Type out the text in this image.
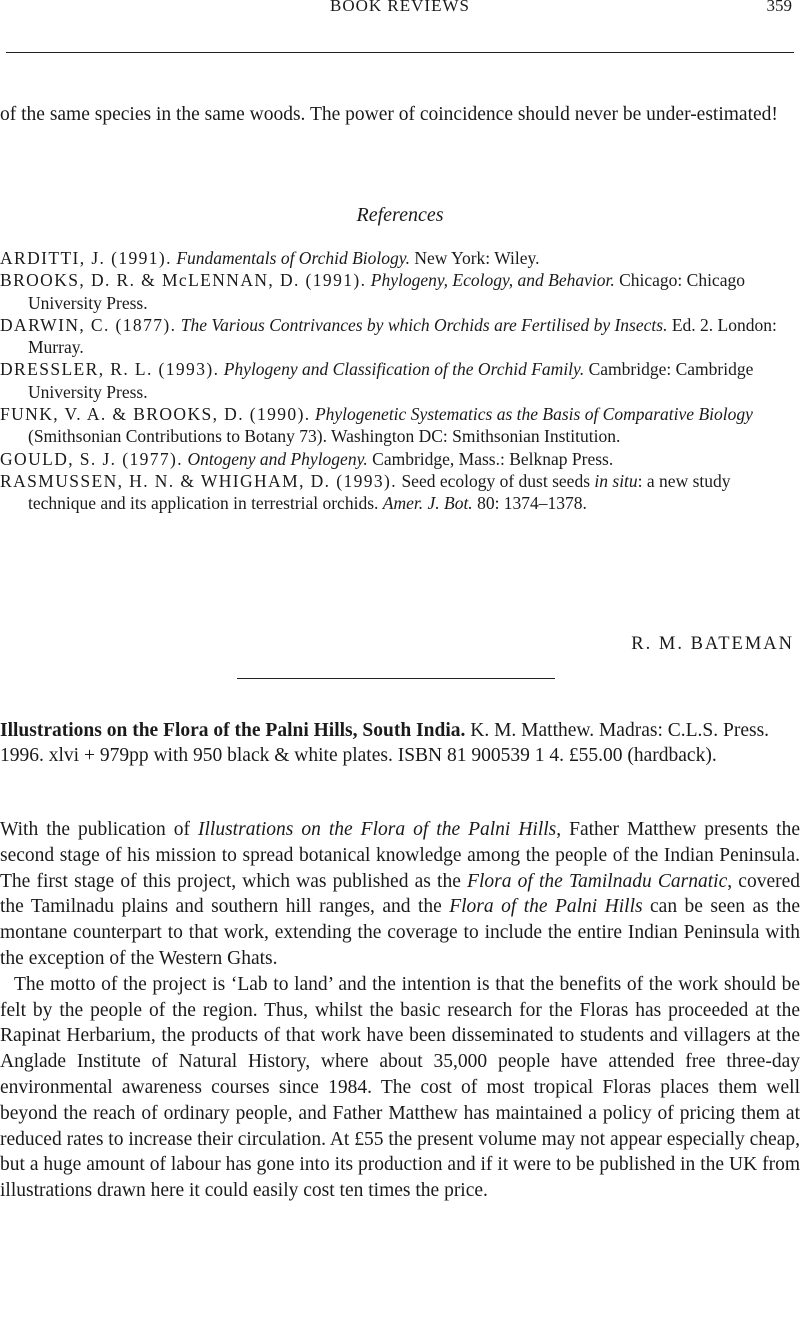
BOOK REVIEWS	359

of the same species in the same woods. The power of coincidence should never be under-estimated!

References

ARDITTI, J. (1991). Fundamentals of Orchid Biology. New York: Wiley.

BROOKS, D. R. & McLENNAN, D. (1991). Phylogeny, Ecology, and Behavior. Chicago: Chicago University Press.

DARWIN, C. (1877). The Various Contrivances by which Orchids are Fertilised by Insects. Ed. 2. London: Murray.

DRESSLER, R. L. (1993). Phylogeny and Classification of the Orchid Family. Cambridge: Cambridge University Press.

FUNK, V. A. & BROOKS, D. (1990). Phylogenetic Systematics as the Basis of Comparative Biology (Smithsonian Contributions to Botany 73). Washington DC: Smithsonian Institution.

GOULD, S. J. (1977). Ontogeny and Phylogeny. Cambridge, Mass.: Belknap Press.

RASMUSSEN, H. N. & WHIGHAM, D. (1993). Seed ecology of dust seeds in situ: a new study technique and its application in terrestrial orchids. Amer. J. Bot. 80: 1374–1378.

R. M. BATEMAN

Illustrations on the Flora of the Palni Hills, South India. K. M. Matthew. Madras: C.L.S. Press. 1996. xlvi + 979pp with 950 black & white plates. ISBN 81 900539 1 4. £55.00 (hardback).

With the publication of Illustrations on the Flora of the Palni Hills, Father Matthew presents the second stage of his mission to spread botanical knowledge among the people of the Indian Peninsula. The first stage of this project, which was published as the Flora of the Tamilnadu Carnatic, covered the Tamilnadu plains and southern hill ranges, and the Flora of the Palni Hills can be seen as the montane counterpart to that work, extending the coverage to include the entire Indian Peninsula with the exception of the Western Ghats.

The motto of the project is ‘Lab to land’ and the intention is that the benefits of the work should be felt by the people of the region. Thus, whilst the basic research for the Floras has proceeded at the Rapinat Herbarium, the products of that work have been disseminated to students and villagers at the Anglade Institute of Natural History, where about 35,000 people have attended free three-day environmental awareness courses since 1984. The cost of most tropical Floras places them well beyond the reach of ordinary people, and Father Matthew has maintained a policy of pricing them at reduced rates to increase their circulation. At £55 the present volume may not appear especially cheap, but a huge amount of labour has gone into its production and if it were to be published in the UK from illustrations drawn here it could easily cost ten times the price.
